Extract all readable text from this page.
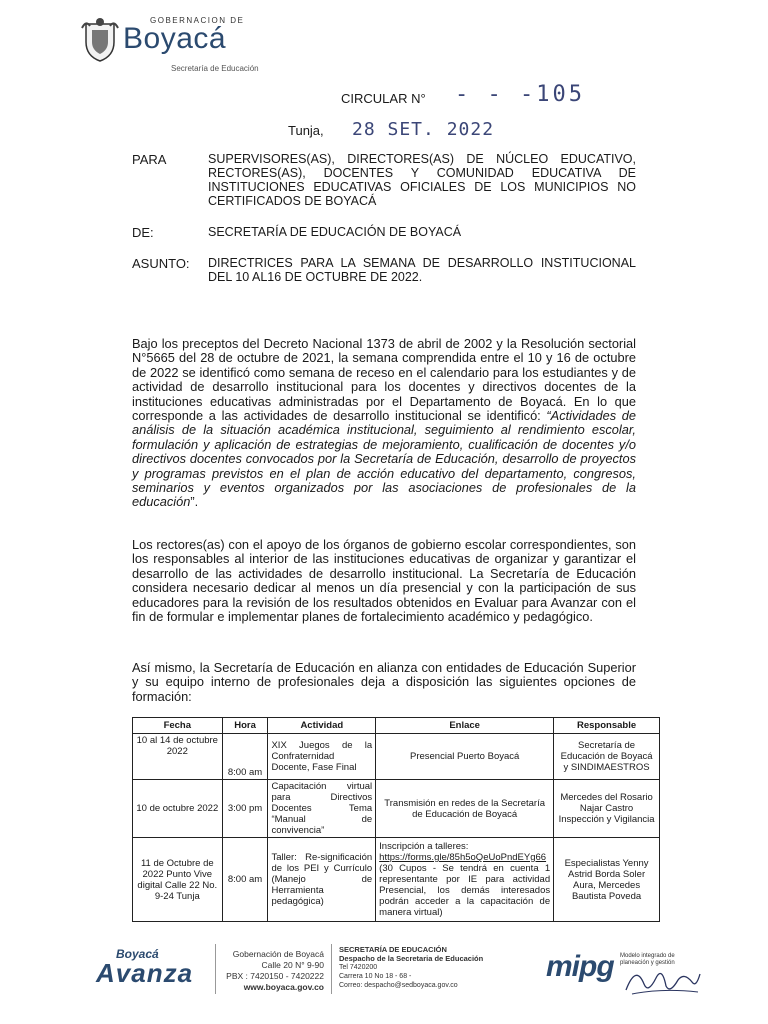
GOBERNACION DE
Boyacá
Secretaría de Educación
CIRCULAR N° - - -105
Tunja, 28 SET. 2022
PARA	SUPERVISORES(AS), DIRECTORES(AS) DE NÚCLEO EDUCATIVO, RECTORES(AS), DOCENTES Y COMUNIDAD EDUCATIVA DE INSTITUCIONES EDUCATIVAS OFICIALES DE LOS MUNICIPIOS NO CERTIFICADOS DE BOYACÁ
DE:	SECRETARÍA DE EDUCACIÓN DE BOYACÁ
ASUNTO: DIRECTRICES PARA LA SEMANA DE DESARROLLO INSTITUCIONAL DEL 10 AL16 DE OCTUBRE DE 2022.
Bajo los preceptos del Decreto Nacional 1373 de abril de 2002 y la Resolución sectorial N°5665 del 28 de octubre de 2021, la semana comprendida entre el 10 y 16 de octubre de 2022 se identificó como semana de receso en el calendario para los estudiantes y de actividad de desarrollo institucional para los docentes y directivos docentes de la instituciones educativas administradas por el Departamento de Boyacá. En lo que corresponde a las actividades de desarrollo institucional se identificó: “Actividades de análisis de la situación académica institucional, seguimiento al rendimiento escolar, formulación y aplicación de estrategias de mejoramiento, cualificación de docentes y/o directivos docentes convocados por la Secretaría de Educación, desarrollo de proyectos y programas previstos en el plan de acción educativo del departamento, congresos, seminarios y eventos organizados por las asociaciones de profesionales de la educación”.
Los rectores(as) con el apoyo de los órganos de gobierno escolar correspondientes, son los responsables al interior de las instituciones educativas de organizar y garantizar el desarrollo de las actividades de desarrollo institucional. La Secretaría de Educación considera necesario dedicar al menos un día presencial y con la participación de sus educadores para la revisión de los resultados obtenidos en Evaluar para Avanzar con el fin de formular e implementar planes de fortalecimiento académico y pedagógico.
Así mismo, la Secretaría de Educación en alianza con entidades de Educación Superior y su equipo interno de profesionales deja a disposición las siguientes opciones de formación:
Fecha	Hora	Actividad	Enlace	Responsable
10 al 14 de octubre 2022	8:00 am	XIX Juegos de la Confraternidad Docente, Fase Final	Presencial Puerto Boyacá	Secretaría de Educación de Boyacá y SINDIMAESTROS
10 de octubre 2022	3:00 pm	Capacitación virtual para Directivos Docentes Tema “Manual de convivencia”	Transmisión en redes de la Secretaría de Educación de Boyacá	Mercedes del Rosario Najar Castro Inspección y Vigilancia
11 de Octubre de 2022 Punto Vive digital Calle 22 No. 9-24 Tunja	8:00 am	Taller: Re-significación de los PEI y Currículo (Manejo de Herramienta pedagógica)	Inscripción a talleres:
https://forms.gle/85h5oQeUoPndEYg66
(30 Cupos - Se tendrá en cuenta 1 representante por IE para actividad Presencial, los demás interesados podrán acceder a la capacitación de manera virtual)	Especialistas Yenny Astrid Borda Soler Aura, Mercedes Bautista Poveda
Boyacá
Avanza
Gobernación de Boyacá
Calle 20 N° 9-90
PBX : 7420150 - 7420222
www.boyaca.gov.co
SECRETARÍA DE EDUCACIÓN
Despacho de la Secretaria de Educación
Tel 7420200
Carrera 10 No 18 - 68 -
Correo: despacho@sedboyaca.gov.co
mipg Modelo integrado de planeación y gestión
